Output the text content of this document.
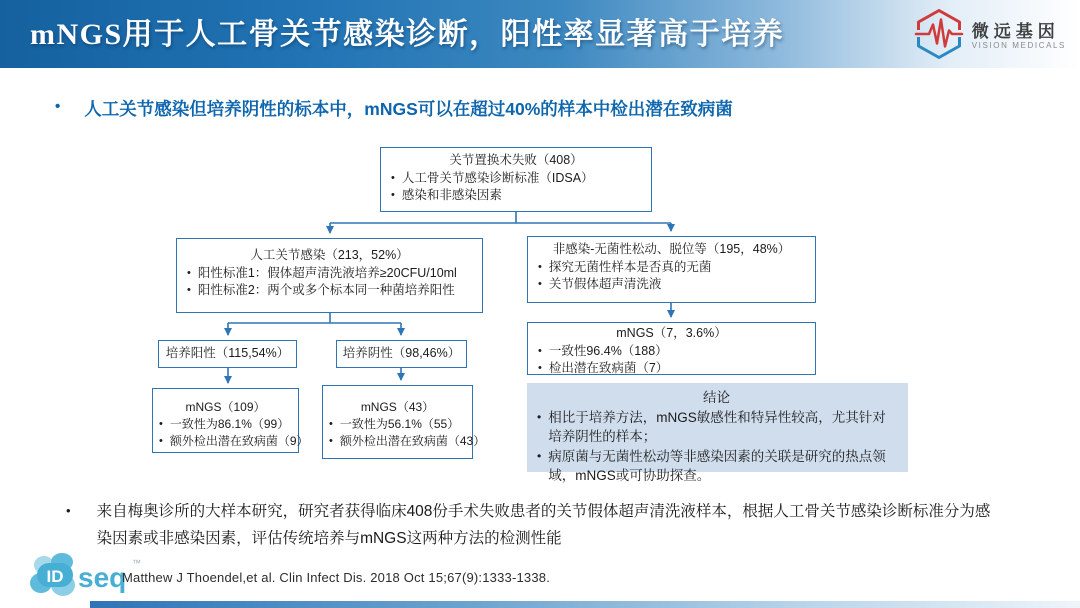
mNGS用于人工骨关节感染诊断，阳性率显著高于培养	微远基因
VISION MEDICALS
• 人工关节感染但培养阴性的标本中，mNGS可以在超过40%的样本中检出潜在致病菌
关节置换术失败（408）
• 人工骨关节感染诊断标准（IDSA）
• 感染和非感染因素
人工关节感染（213，52%）
• 阳性标准1：假体超声清洗液培养≥20CFU/10ml
• 阳性标准2：两个或多个标本同一种菌培养阳性
非感染-无菌性松动、脱位等（195，48%）
• 探究无菌性样本是否真的无菌
• 关节假体超声清洗液
mNGS（7，3.6%）
• 一致性96.4%（188）
• 检出潜在致病菌（7）
培养阳性（115,54%）	培养阴性（98,46%）
mNGS（109）
• 一致性为86.1%（99）
• 额外检出潜在致病菌（9）
mNGS（43）
• 一致性为56.1%（55）
• 额外检出潜在致病菌（43）
结论
• 相比于培养方法，mNGS敏感性和特异性较高，尤其针对培养阴性的样本；
• 病原菌与无菌性松动等非感染因素的关联是研究的热点领域，mNGS或可协助探查。
• 来自梅奥诊所的大样本研究，研究者获得临床408份手术失败患者的关节假体超声清洗液样本，根据人工骨关节感染诊断标准分为感染因素或非感染因素，评估传统培养与mNGS这两种方法的检测性能
ID seq ™
Matthew J Thoendel,et al. Clin Infect Dis. 2018 Oct 15;67(9):1333-1338.
